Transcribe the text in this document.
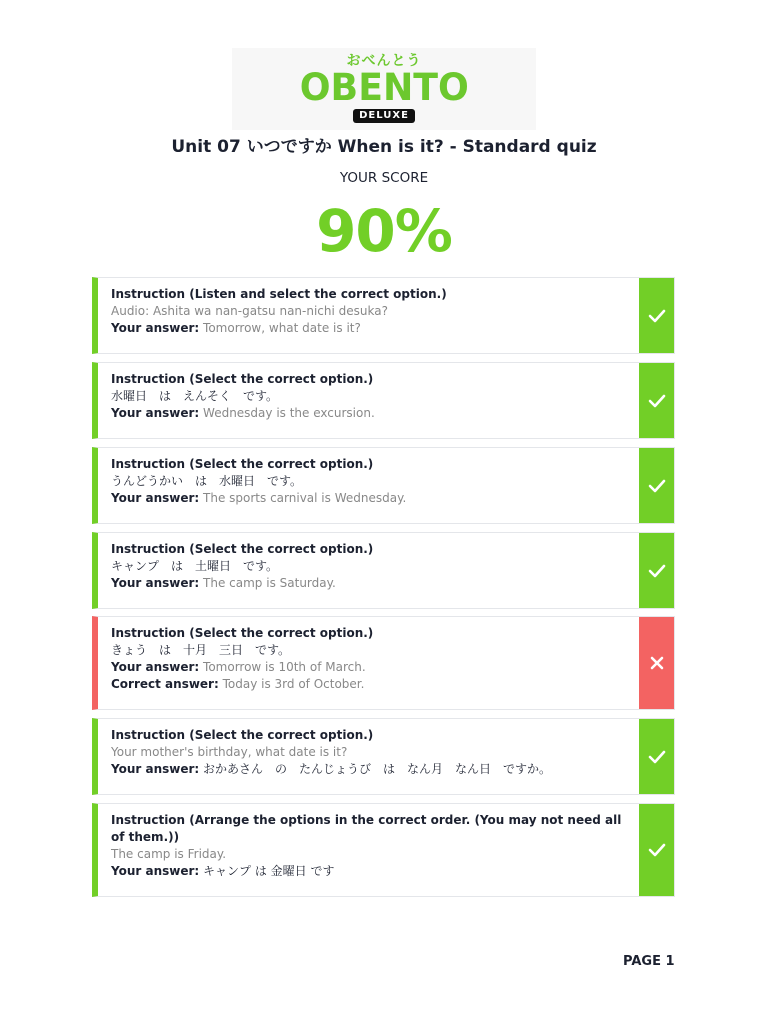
おべんとう
OBENTO
DELUXE
Unit 07 いつですか When is it? - Standard quiz
YOUR SCORE
90%
Instruction (Listen and select the correct option.)
Audio: Ashita wa nan-gatsu nan-nichi desuka?
Your answer: Tomorrow, what date is it?
Instruction (Select the correct option.)
水曜日　は　えんそく　です。
Your answer: Wednesday is the excursion.
Instruction (Select the correct option.)
うんどうかい　は　水曜日　です。
Your answer: The sports carnival is Wednesday.
Instruction (Select the correct option.)
キャンプ　は　土曜日　です。
Your answer: The camp is Saturday.
Instruction (Select the correct option.)
きょう　は　十月　三日　です。
Your answer: Tomorrow is 10th of March.
Correct answer: Today is 3rd of October.
Instruction (Select the correct option.)
Your mother's birthday, what date is it?
Your answer: おかあさん　の　たんじょうび　は　なん月　なん日　ですか。
Instruction (Arrange the options in the correct order. (You may not need all of them.))
The camp is Friday.
Your answer: キャンプ は 金曜日 です
PAGE 1
